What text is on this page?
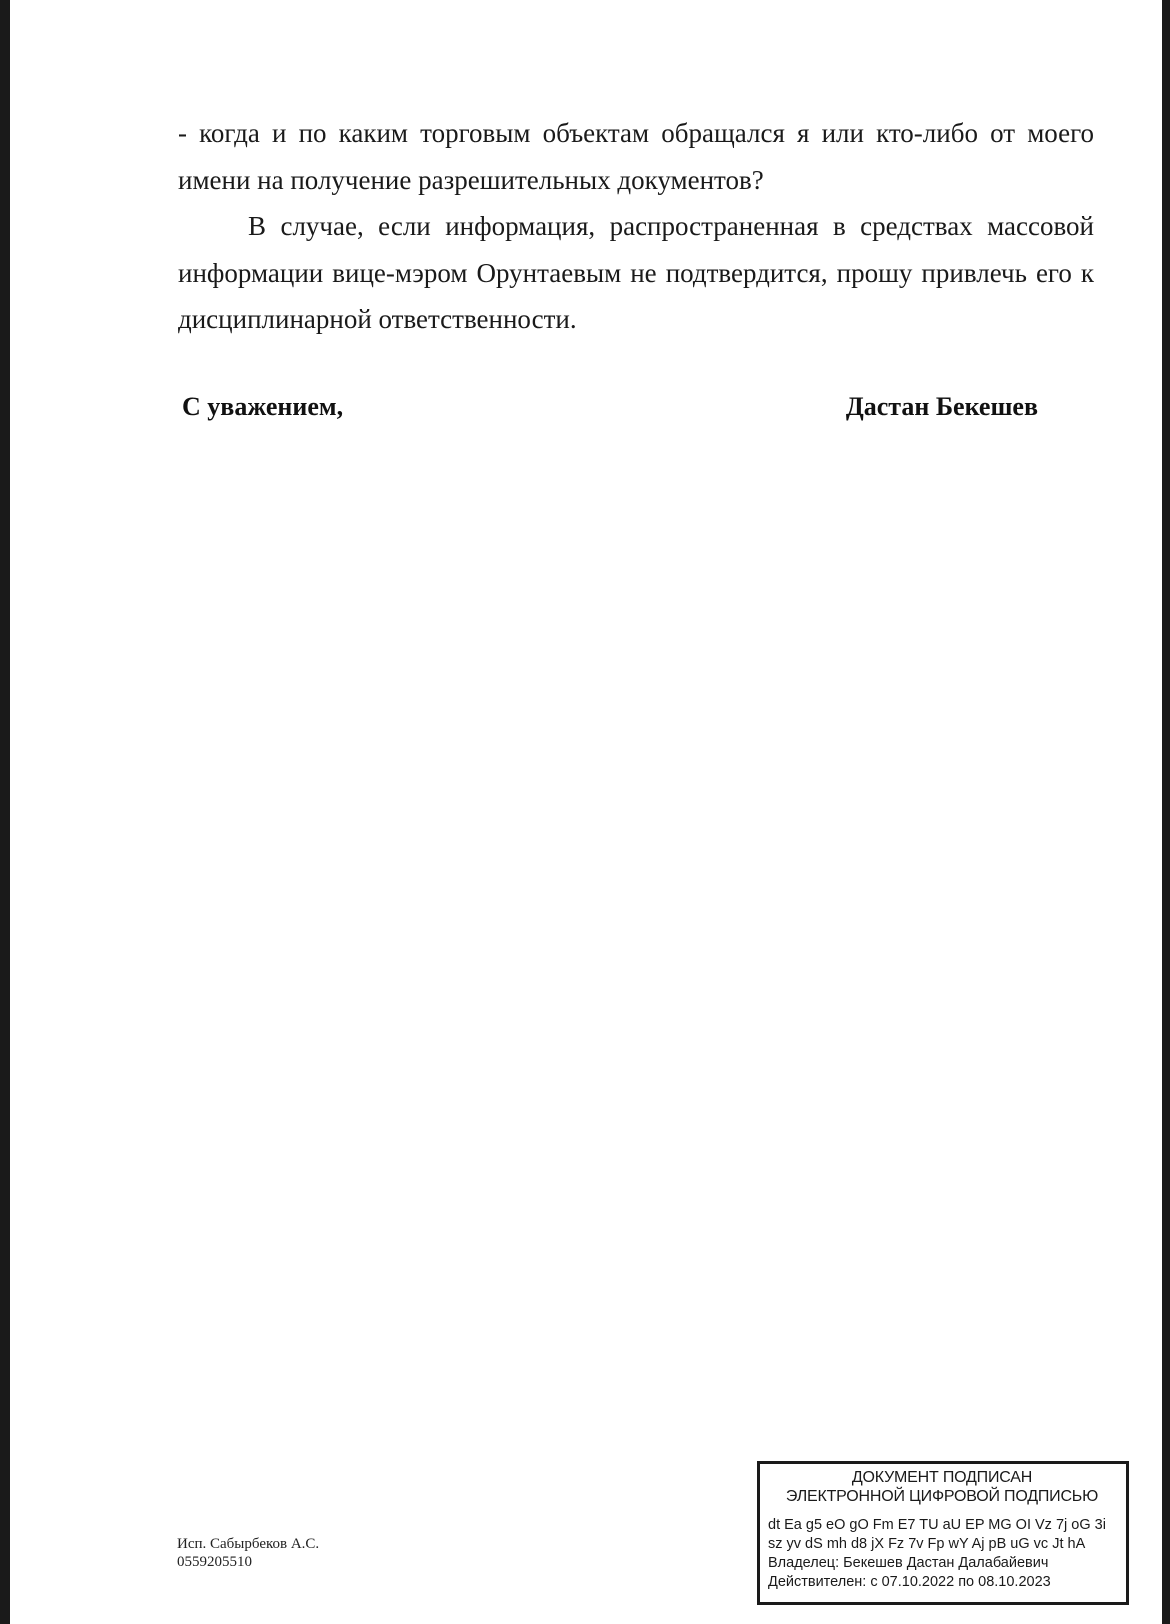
- когда и по каким торговым объектам обращался я или кто-либо от моего имени на получение разрешительных документов?

В случае, если информация, распространенная в средствах массовой информации вице-мэром Орунтаевым не подтвердится, прошу привлечь его к дисциплинарной ответственности.

С уважением,	Дастан Бекешев
Исп. Сабырбеков А.С.
0559205510
ДОКУМЕНТ ПОДПИСАН
ЭЛЕКТРОННОЙ ЦИФРОВОЙ ПОДПИСЬЮ
dt Ea g5 eO gO Fm E7 TU aU EP MG OI Vz 7j oG 3i
sz yv dS mh d8 jX Fz 7v Fp wY Aj pB uG vc Jt hA
Владелец: Бекешев Дастан Далабайевич
Действителен: с 07.10.2022 по 08.10.2023
